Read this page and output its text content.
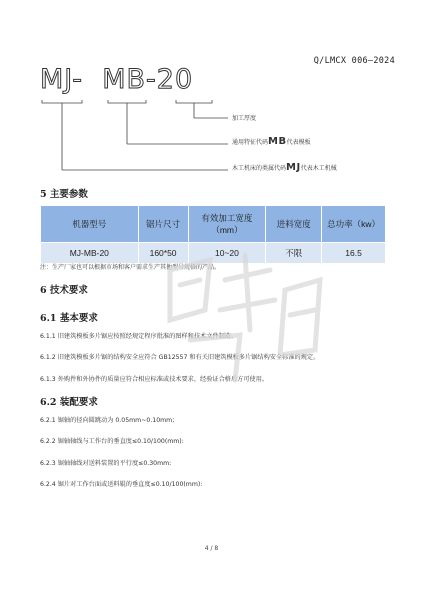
Q/LMCX 006—2024
MJ-  MB-20
加工厚度
通用特征代码MB代表模板
木工机床的类属代码MJ代表木工机械
5 主要参数
机器型号	锯片尺寸	有效加工宽度（mm）	进料宽度	总功率（kw）
MJ-MB-20	160*50	10~20	不限	16.5
注：生产厂家也可以根据市场和客户需求生产其他型号规格的产品。
6 技术要求
6.1 基本要求
6.1.1 旧建筑模板多片锯应按照经规定程序批准的图样和技术文件制造。
6.1.2 旧建筑模板多片锯的结构安全应符合 GB12557 和有关旧建筑模板多片锯结构安全标准的规定。
6.1.3 外购件和外协件的质量应符合相应标准或技术要求，经验证合格后方可使用。
6.2 装配要求
6.2.1 锯轴的径向圆跳动为 0.05mm~0.10mm;
6.2.2 锯轴轴线与工作台的垂直度≤0.10/100(mm):
6.2.3 锯轴轴线对送料装置的平行度≤0.30mm:
6.2.4 锯片对工作台面或送料辊的垂直度≤0.10/100(mm):
4 / 8
